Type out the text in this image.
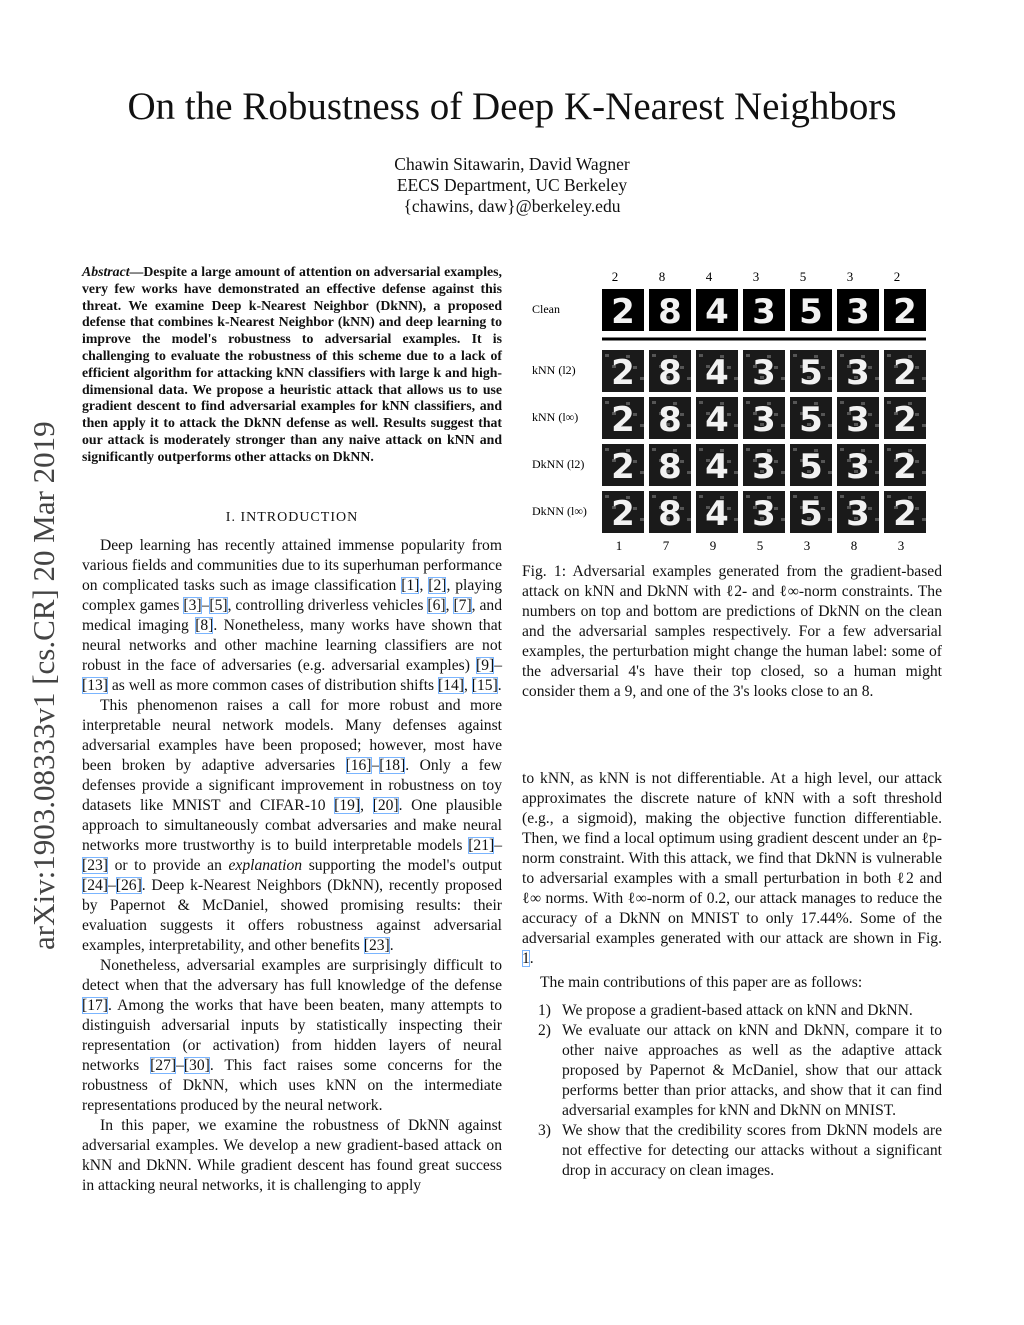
arXiv:1903.08333v1 [cs.CR] 20 Mar 2019
On the Robustness of Deep K-Nearest Neighbors
Chawin Sitawarin, David Wagner
EECS Department, UC Berkeley
{chawins, daw}@berkeley.edu
Abstract—Despite a large amount of attention on adversarial examples, very few works have demonstrated an effective defense against this threat. We examine Deep k-Nearest Neighbor (DkNN), a proposed defense that combines k-Nearest Neighbor (kNN) and deep learning to improve the model's robustness to adversarial examples. It is challenging to evaluate the robustness of this scheme due to a lack of efficient algorithm for attacking kNN classifiers with large k and high-dimensional data. We propose a heuristic attack that allows us to use gradient descent to find adversarial examples for kNN classifiers, and then apply it to attack the DkNN defense as well. Results suggest that our attack is moderately stronger than any naive attack on kNN and significantly outperforms other attacks on DkNN.
I. INTRODUCTION

Deep learning has recently attained immense popularity from various fields and communities due to its superhuman performance on complicated tasks such as image classification [1], [2], playing complex games [3]–[5], controlling driverless vehicles [6], [7], and medical imaging [8]. Nonetheless, many works have shown that neural networks and other machine learning classifiers are not robust in the face of adversaries (e.g. adversarial examples) [9]–[13] as well as more common cases of distribution shifts [14], [15].

This phenomenon raises a call for more robust and more interpretable neural network models. Many defenses against adversarial examples have been proposed; however, most have been broken by adaptive adversaries [16]–[18]. Only a few defenses provide a significant improvement in robustness on toy datasets like MNIST and CIFAR-10 [19], [20]. One plausible approach to simultaneously combat adversaries and make neural networks more trustworthy is to build interpretable models [21]–[23] or to provide an explanation supporting the model's output [24]–[26]. Deep k-Nearest Neighbors (DkNN), recently proposed by Papernot & McDaniel, showed promising results: their evaluation suggests it offers robustness against adversarial examples, interpretability, and other benefits [23].

Nonetheless, adversarial examples are surprisingly difficult to detect when that the adversary has full knowledge of the defense [17]. Among the works that have been beaten, many attempts to distinguish adversarial inputs by statistically inspecting their representation (or activation) from hidden layers of neural networks [27]–[30]. This fact raises some concerns for the robustness of DkNN, which uses kNN on the intermediate representations produced by the neural network.

In this paper, we examine the robustness of DkNN against adversarial examples. We develop a new gradient-based attack on kNN and DkNN. While gradient descent has found great success in attacking neural networks, it is challenging to apply

2	8	4	3	5	3	2
Clean 2 8 4 3 5 3 2
kNN (l2) 2 8 4 3 5 3 2
kNN (l∞) 2 8 4 3 5 3 2
DkNN (l2) 2 8 4 3 5 3 2
DkNN (l∞) 2 8 4 3 5 3 2
1	7	9	5	3	8	3
Fig. 1: Adversarial examples generated from the gradient-based attack on kNN and DkNN with ℓ2- and ℓ∞-norm constraints. The numbers on top and bottom are predictions of DkNN on the clean and the adversarial samples respectively. For a few adversarial examples, the perturbation might change the human label: some of the adversarial 4's have their top closed, so a human might consider them a 9, and one of the 3's looks close to an 8.

to kNN, as kNN is not differentiable. At a high level, our attack approximates the discrete nature of kNN with a soft threshold (e.g., a sigmoid), making the objective function differentiable. Then, we find a local optimum using gradient descent under an ℓp-norm constraint. With this attack, we find that DkNN is vulnerable to adversarial examples with a small perturbation in both ℓ2 and ℓ∞ norms. With ℓ∞-norm of 0.2, our attack manages to reduce the accuracy of a DkNN on MNIST to only 17.44%. Some of the adversarial examples generated with our attack are shown in Fig. 1.

The main contributions of this paper are as follows:

1) We propose a gradient-based attack on kNN and DkNN.
2) We evaluate our attack on kNN and DkNN, compare it to other naive approaches as well as the adaptive attack proposed by Papernot & McDaniel, show that our attack performs better than prior attacks, and show that it can find adversarial examples for kNN and DkNN on MNIST.
3) We show that the credibility scores from DkNN models are not effective for detecting our attacks without a significant drop in accuracy on clean images.
